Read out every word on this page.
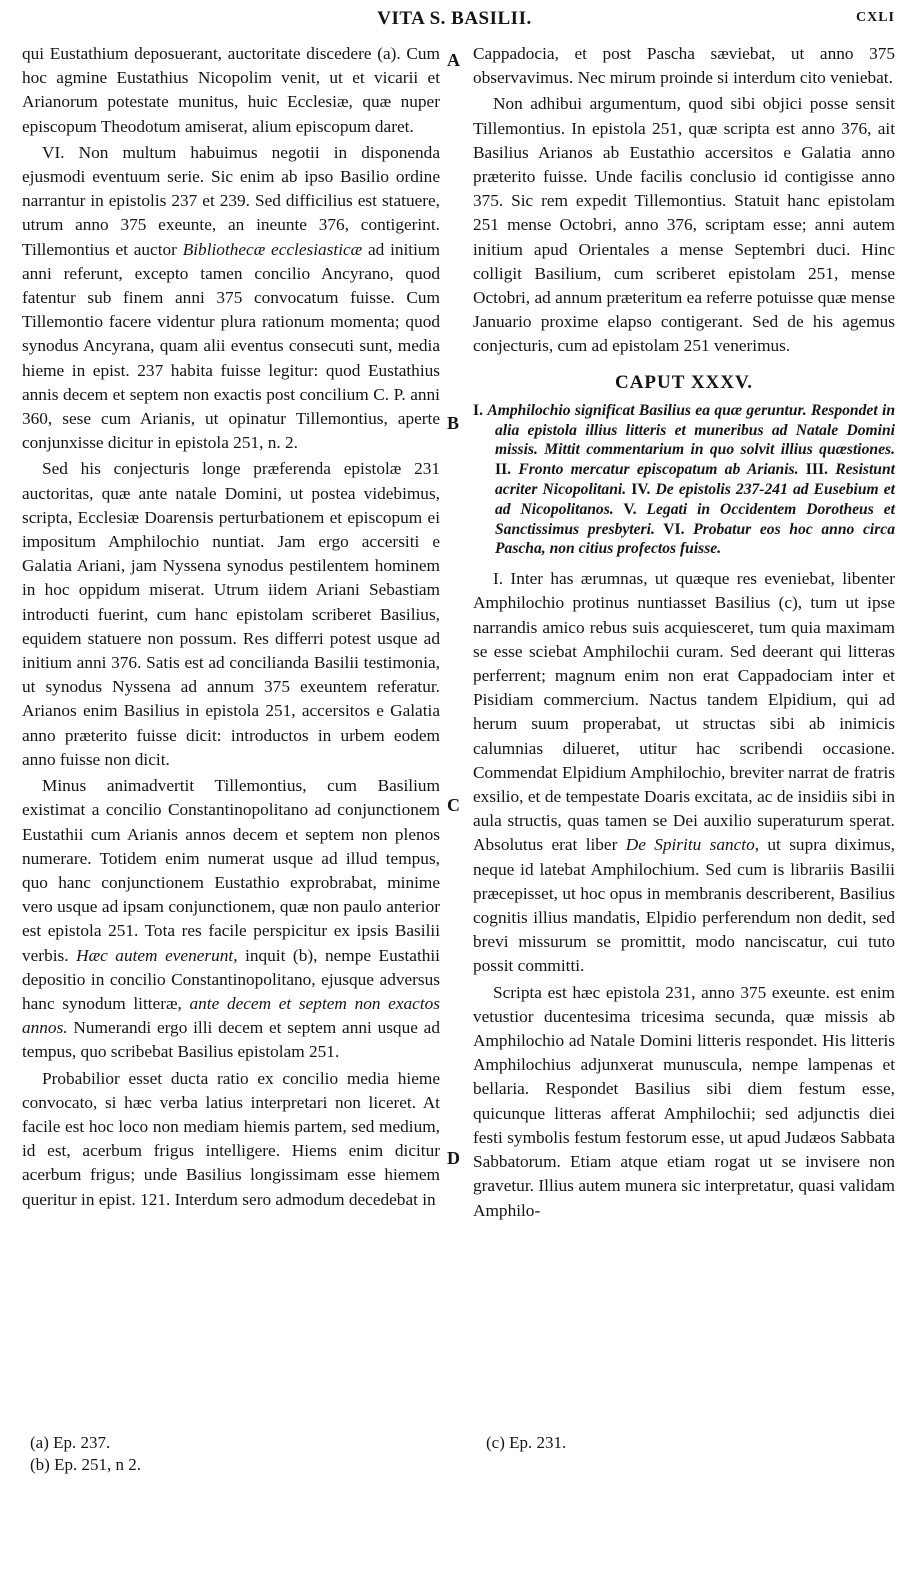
VITA S. BASILII.	CXLI

qui Eustathium deposuerant, auctoritate discedere (a). Cum hoc agmine Eustathius Nicopolim venit, ut et vicarii et Arianorum potestate munitus, huic Ecclesiæ, quæ nuper episcopum Theodotum amiserat, alium episcopum daret.

VI. Non multum habuimus negotii in disponenda ejusmodi eventuum serie. Sic enim ab ipso Basilio ordine narrantur in epistolis 237 et 239. Sed difficilius est statuere, utrum anno 375 exeunte, an ineunte 376, contigerint. Tillemontius et auctor Bibliothecæ ecclesiasticæ ad initium anni referunt, excepto tamen concilio Ancyrano, quod fatentur sub finem anni 375 convocatum fuisse. Cum Tillemontio facere videntur plura rationum momenta; quod synodus Ancyrana, quam alii eventus consecuti sunt, media hieme in epist. 237 habita fuisse legitur: quod Eustathius annis decem et septem non exactis post concilium C. P. anni 360, sese cum Arianis, ut opinatur Tillemontius, aperte conjunxisse dicitur in epistola 251, n. 2.

Sed his conjecturis longe præferenda epistolæ 231 auctoritas, quæ ante natale Domini, ut postea videbimus, scripta, Ecclesiæ Doarensis perturbationem et episcopum ei impositum Amphilochio nuntiat. Jam ergo accersiti e Galatia Ariani, jam Nyssena synodus pestilentem hominem in hoc oppidum miserat. Utrum iidem Ariani Sebastiam introducti fuerint, cum hanc epistolam scriberet Basilius, equidem statuere non possum. Res differri potest usque ad initium anni 376. Satis est ad concilianda Basilii testimonia, ut synodus Nyssena ad annum 375 exeuntem referatur. Arianos enim Basilius in epistola 251, accersitos e Galatia anno præterito fuisse dicit: introductos in urbem eodem anno fuisse non dicit.

Minus animadvertit Tillemontius, cum Basilium existimat a concilio Constantinopolitano ad conjunctionem Eustathii cum Arianis annos decem et septem non plenos numerare. Totidem enim numerat usque ad illud tempus, quo hanc conjunctionem Eustathio exprobrabat, minime vero usque ad ipsam conjunctionem, quæ non paulo anterior est epistola 251. Tota res facile perspicitur ex ipsis Basilii verbis. Hæc autem evenerunt, inquit (b), nempe Eustathii depositio in concilio Constantinopolitano, ejusque adversus hanc synodum litteræ, ante decem et septem non exactos annos. Numerandi ergo illi decem et septem anni usque ad tempus, quo scribebat Basilius epistolam 251.

Probabilior esset ducta ratio ex concilio media hieme convocato, si hæc verba latius interpretari non liceret. At facile est hoc loco non mediam hiemis partem, sed medium, id est, acerbum frigus intelligere. Hiems enim dicitur acerbum frigus; unde Basilius longissimam esse hiemem queritur in epist. 121. Interdum sero admodum decedebat in

A
B
C
D

Cappadocia, et post Pascha sæviebat, ut anno 375 observavimus. Nec mirum proinde si interdum cito veniebat.

Non adhibui argumentum, quod sibi objici posse sensit Tillemontius. In epistola 251, quæ scripta est anno 376, ait Basilius Arianos ab Eustathio accersitos e Galatia anno præterito fuisse. Unde facilis conclusio id contigisse anno 375. Sic rem expedit Tillemontius. Statuit hanc epistolam 251 mense Octobri, anno 376, scriptam esse; anni autem initium apud Orientales a mense Septembri duci. Hinc colligit Basilium, cum scriberet epistolam 251, mense Octobri, ad annum præteritum ea referre potuisse quæ mense Januario proxime elapso contigerant. Sed de his agemus conjecturis, cum ad epistolam 251 venerimus.

CAPUT XXXV.

I. Amphilochio significat Basilius ea quæ geruntur. Respondet in alia epistola illius litteris et muneribus ad Natale Domini missis. Mittit commentarium in quo solvit illius quæstiones. II. Fronto mercatur episcopatum ab Arianis. III. Resistunt acriter Nicopolitani. IV. De epistolis 237-241 ad Eusebium et ad Nicopolitanos. V. Legati in Occidentem Dorotheus et Sanctissimus presbyteri. VI. Probatur eos hoc anno circa Pascha, non citius profectos fuisse.

I. Inter has ærumnas, ut quæque res eveniebat, libenter Amphilochio protinus nuntiasset Basilius (c), tum ut ipse narrandis amico rebus suis acquiesceret, tum quia maximam se esse sciebat Amphilochii curam. Sed deerant qui litteras perferrent; magnum enim non erat Cappadociam inter et Pisidiam commercium. Nactus tandem Elpidium, qui ad herum suum properabat, ut structas sibi ab inimicis calumnias dilueret, utitur hac scribendi occasione. Commendat Elpidium Amphilochio, breviter narrat de fratris exsilio, et de tempestate Doaris excitata, ac de insidiis sibi in aula structis, quas tamen se Dei auxilio superaturum sperat. Absolutus erat liber De Spiritu sancto, ut supra diximus, neque id latebat Amphilochium. Sed cum is librariis Basilii præcepisset, ut hoc opus in membranis describerent, Basilius cognitis illius mandatis, Elpidio perferendum non dedit, sed brevi missurum se promittit, modo nanciscatur, cui tuto possit committi.

Scripta est hæc epistola 231, anno 375 exeunte. est enim vetustior ducentesima tricesima secunda, quæ missis ab Amphilochio ad Natale Domini litteris respondet. His litteris Amphilochius adjunxerat munuscula, nempe lampenas et bellaria. Respondet Basilius sibi diem festum esse, quicunque litteras afferat Amphilochii; sed adjunctis diei festi symbolis festum festorum esse, ut apud Judæos Sabbata Sabbatorum. Etiam atque etiam rogat ut se invisere non gravetur. Illius autem munera sic interpretatur, quasi validam Amphilo-

(a) Ep. 237.
(b) Ep. 251, n 2.
(c) Ep. 231.
